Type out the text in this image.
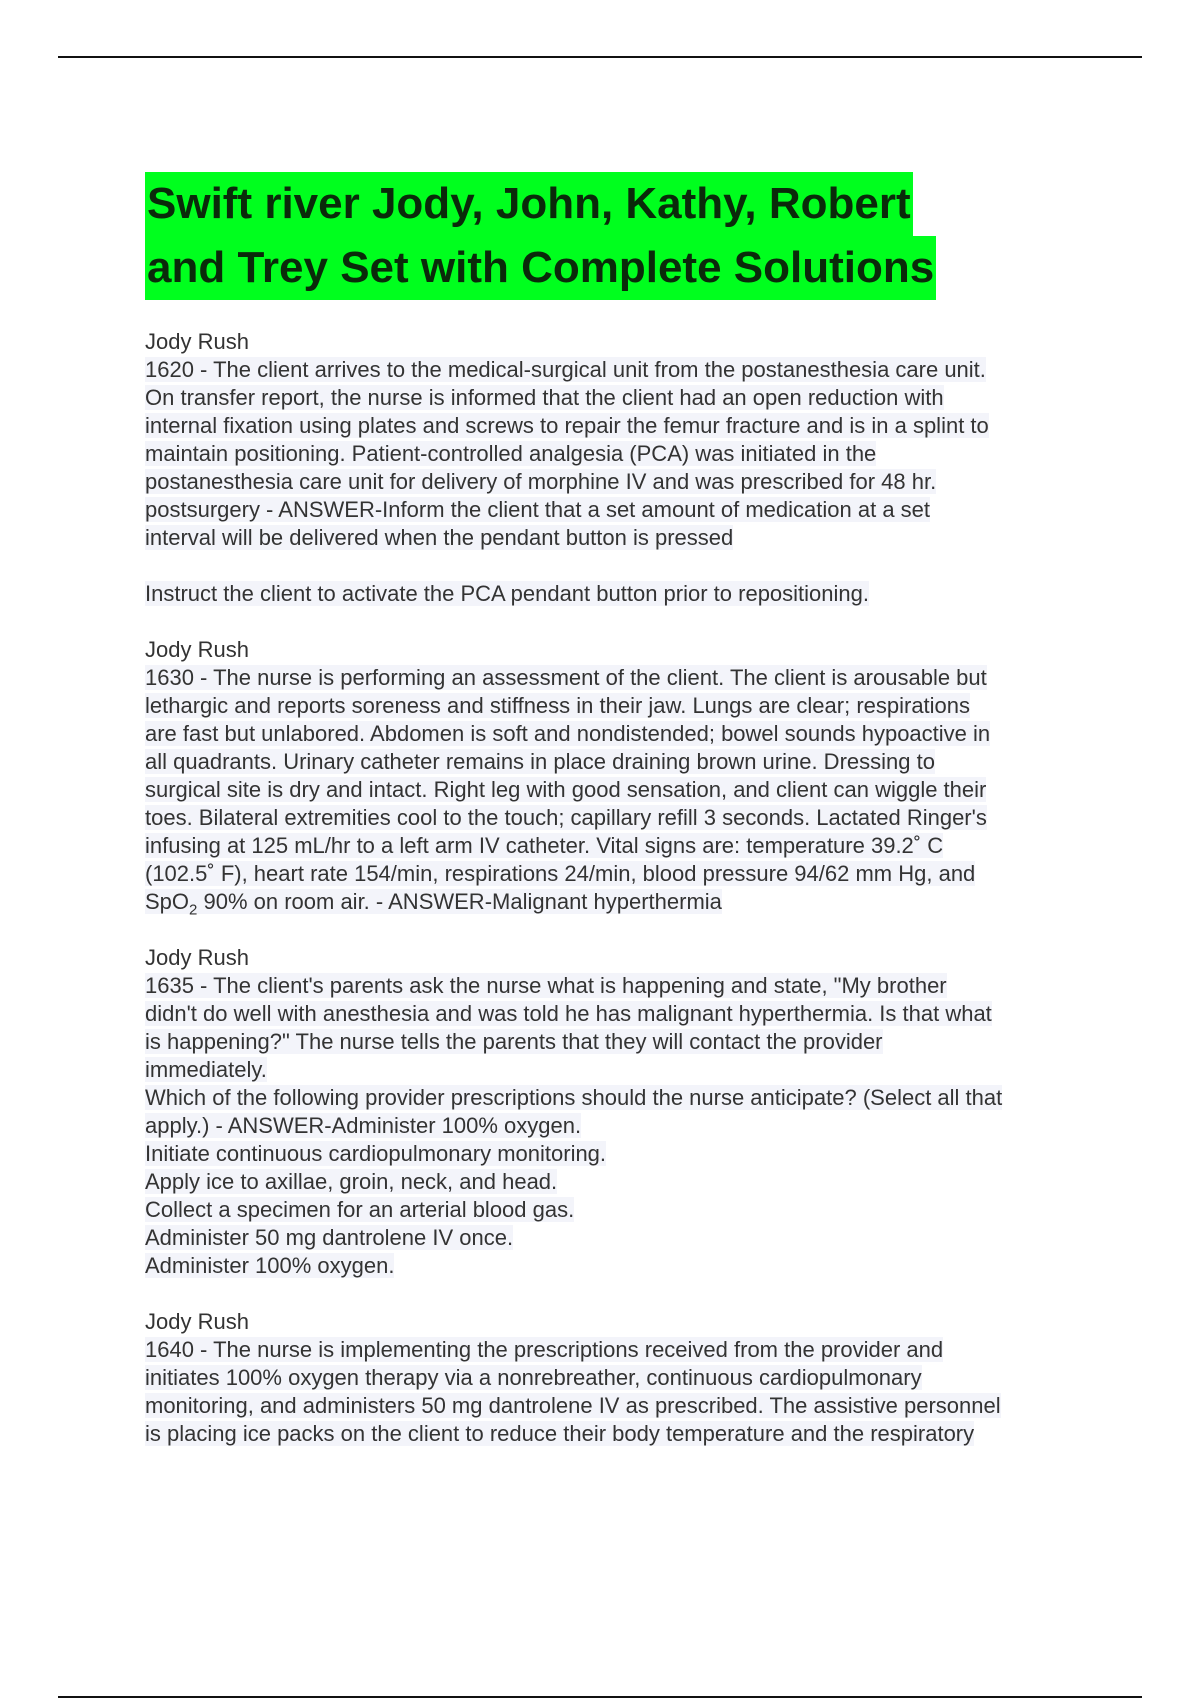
Swift river Jody, John, Kathy, Robert
and Trey Set with Complete Solutions

Jody Rush

1620 - The client arrives to the medical-surgical unit from the postanesthesia care unit.
On transfer report, the nurse is informed that the client had an open reduction with
internal fixation using plates and screws to repair the femur fracture and is in a splint to
maintain positioning. Patient-controlled analgesia (PCA) was initiated in the
postanesthesia care unit for delivery of morphine IV and was prescribed for 48 hr.
postsurgery - ANSWER-Inform the client that a set amount of medication at a set
interval will be delivered when the pendant button is pressed

Instruct the client to activate the PCA pendant button prior to repositioning.

Jody Rush

1630 - The nurse is performing an assessment of the client. The client is arousable but
lethargic and reports soreness and stiffness in their jaw. Lungs are clear; respirations
are fast but unlabored. Abdomen is soft and nondistended; bowel sounds hypoactive in
all quadrants. Urinary catheter remains in place draining brown urine. Dressing to
surgical site is dry and intact. Right leg with good sensation, and client can wiggle their
toes. Bilateral extremities cool to the touch; capillary refill 3 seconds. Lactated Ringer's
infusing at 125 mL/hr to a left arm IV catheter. Vital signs are: temperature 39.2˚ C
(102.5˚ F), heart rate 154/min, respirations 24/min, blood pressure 94/62 mm Hg, and
SpO$_2$ 90% on room air. - ANSWER-Malignant hyperthermia

Jody Rush

1635 - The client's parents ask the nurse what is happening and state, "My brother
didn't do well with anesthesia and was told he has malignant hyperthermia. Is that what
is happening?" The nurse tells the parents that they will contact the provider
immediately.
Which of the following provider prescriptions should the nurse anticipate? (Select all that
apply.) - ANSWER-Administer 100% oxygen.
Initiate continuous cardiopulmonary monitoring.
Apply ice to axillae, groin, neck, and head.
Collect a specimen for an arterial blood gas.
Administer 50 mg dantrolene IV once.
Administer 100% oxygen.

Jody Rush

1640 - The nurse is implementing the prescriptions received from the provider and
initiates 100% oxygen therapy via a nonrebreather, continuous cardiopulmonary
monitoring, and administers 50 mg dantrolene IV as prescribed. The assistive personnel
is placing ice packs on the client to reduce their body temperature and the respiratory
